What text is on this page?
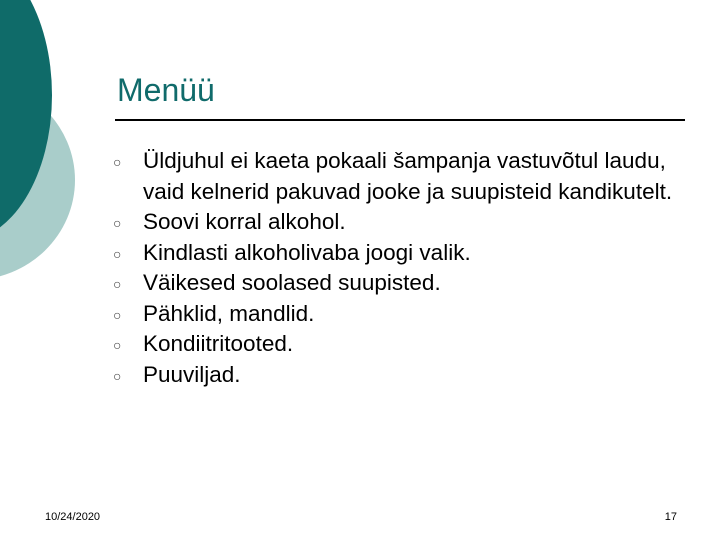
Menüü
○ Üldjuhul ei kaeta pokaali šampanja vastuvõtul laudu, vaid kelnerid pakuvad jooke ja suupisteid kandikutelt.
○ Soovi korral alkohol.
○ Kindlasti alkoholivaba joogi valik.
○ Väikesed soolased suupisted.
○ Pähklid, mandlid.
○ Kondiitritooted.
○ Puuviljad.
10/24/2020	17
